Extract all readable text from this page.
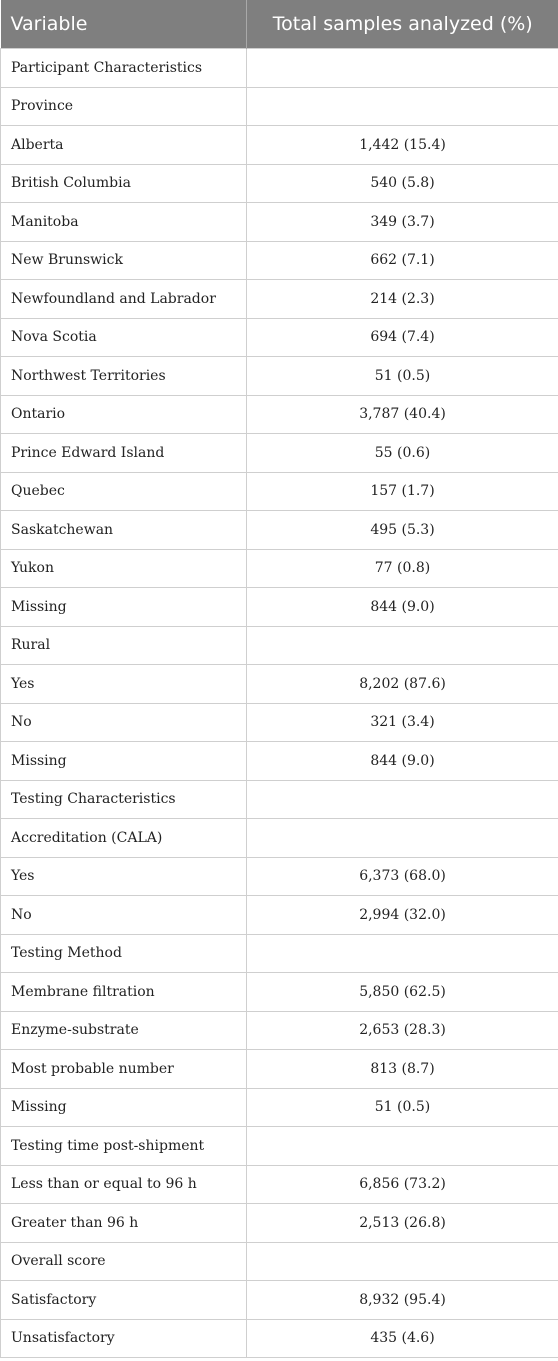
Variable	Total samples analyzed (%)
Participant Characteristics	
Province	
Alberta	1,442 (15.4)
British Columbia	540 (5.8)
Manitoba	349 (3.7)
New Brunswick	662 (7.1)
Newfoundland and Labrador	214 (2.3)
Nova Scotia	694 (7.4)
Northwest Territories	51 (0.5)
Ontario	3,787 (40.4)
Prince Edward Island	55 (0.6)
Quebec	157 (1.7)
Saskatchewan	495 (5.3)
Yukon	77 (0.8)
Missing	844 (9.0)
Rural	
Yes	8,202 (87.6)
No	321 (3.4)
Missing	844 (9.0)
Testing Characteristics	
Accreditation (CALA)	
Yes	6,373 (68.0)
No	2,994 (32.0)
Testing Method	
Membrane filtration	5,850 (62.5)
Enzyme-substrate	2,653 (28.3)
Most probable number	813 (8.7)
Missing	51 (0.5)
Testing time post-shipment	
Less than or equal to 96 h	6,856 (73.2)
Greater than 96 h	2,513 (26.8)
Overall score	
Satisfactory	8,932 (95.4)
Unsatisfactory	435 (4.6)
